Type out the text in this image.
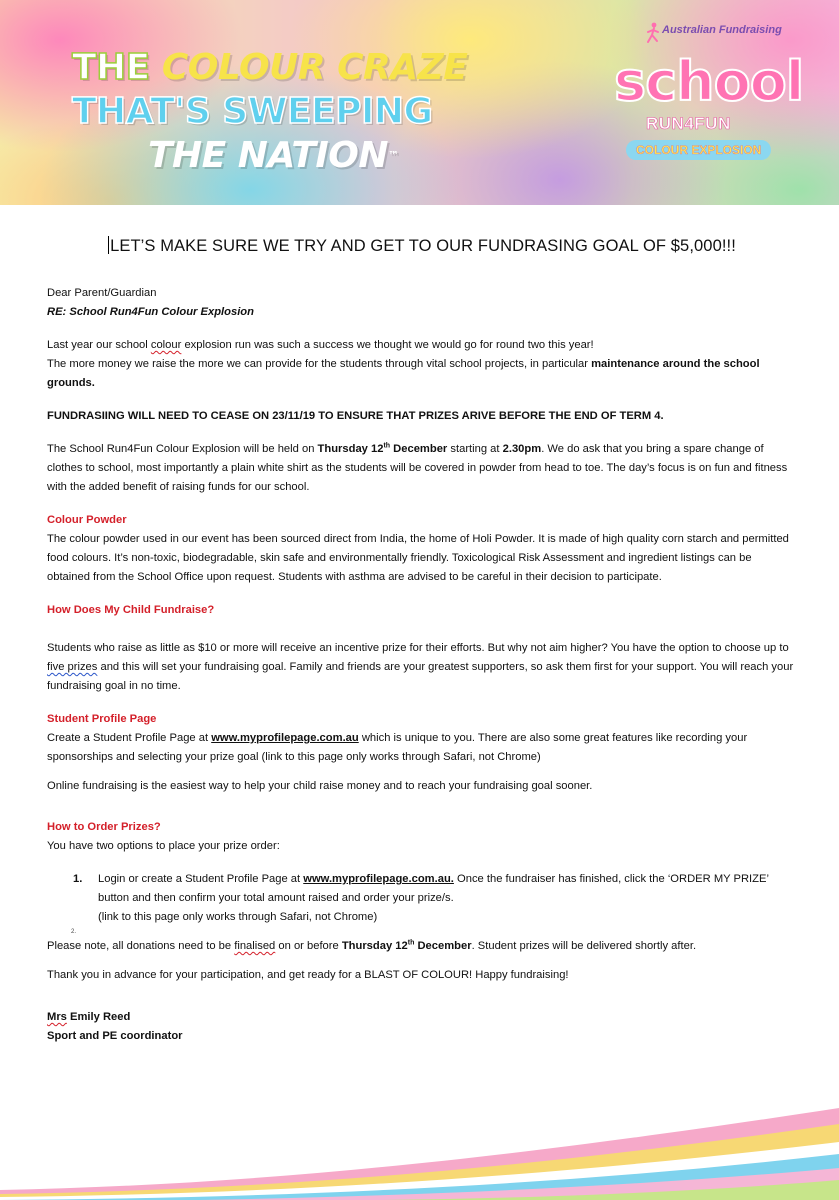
THE COLOUR CRAZE
THAT'S SWEEPING
THE NATION™
Australian Fundraising
school
RUN4FUN
COLOUR EXPLOSION
LET’S MAKE SURE WE TRY AND GET TO OUR FUNDRASING GOAL OF $5,000!!!

Dear Parent/Guardian

RE: School Run4Fun Colour Explosion

Last year our school colour explosion run was such a success we thought we would go for round two this year!
The more money we raise the more we can provide for the students through vital school projects, in particular maintenance around the school grounds.

FUNDRASIING WILL NEED TO CEASE ON 23/11/19 TO ENSURE THAT PRIZES ARIVE BEFORE THE END OF TERM 4.

The School Run4Fun Colour Explosion will be held on Thursday 12th December starting at 2.30pm. We do ask that you bring a spare change of clothes to school, most importantly a plain white shirt as the students will be covered in powder from head to toe. The day’s focus is on fun and fitness with the added benefit of raising funds for our school.

Colour Powder

The colour powder used in our event has been sourced direct from India, the home of Holi Powder. It is made of high quality corn starch and permitted food colours. It’s non-toxic, biodegradable, skin safe and environmentally friendly. Toxicological Risk Assessment and ingredient listings can be obtained from the School Office upon request. Students with asthma are advised to be careful in their decision to participate.

How Does My Child Fundraise?

Students who raise as little as $10 or more will receive an incentive prize for their efforts. But why not aim higher? You have the option to choose up to five prizes and this will set your fundraising goal. Family and friends are your greatest supporters, so ask them first for your support. You will reach your fundraising goal in no time.

Student Profile Page

Create a Student Profile Page at www.myprofilepage.com.au which is unique to you. There are also some great features like recording your sponsorships and selecting your prize goal (link to this page only works through Safari, not Chrome)

Online fundraising is the easiest way to help your child raise money and to reach your fundraising goal sooner.

How to Order Prizes?

You have two options to place your prize order:

1. Login or create a Student Profile Page at www.myprofilepage.com.au. Once the fundraiser has finished, click the ‘ORDER MY PRIZE’ button and then confirm your total amount raised and order your prize/s.
(link to this page only works through Safari, not Chrome)
2.

Please note, all donations need to be finalised on or before Thursday 12th December. Student prizes will be delivered shortly after.

Thank you in advance for your participation, and get ready for a BLAST OF COLOUR! Happy fundraising!

Mrs Emily Reed

Sport and PE coordinator
